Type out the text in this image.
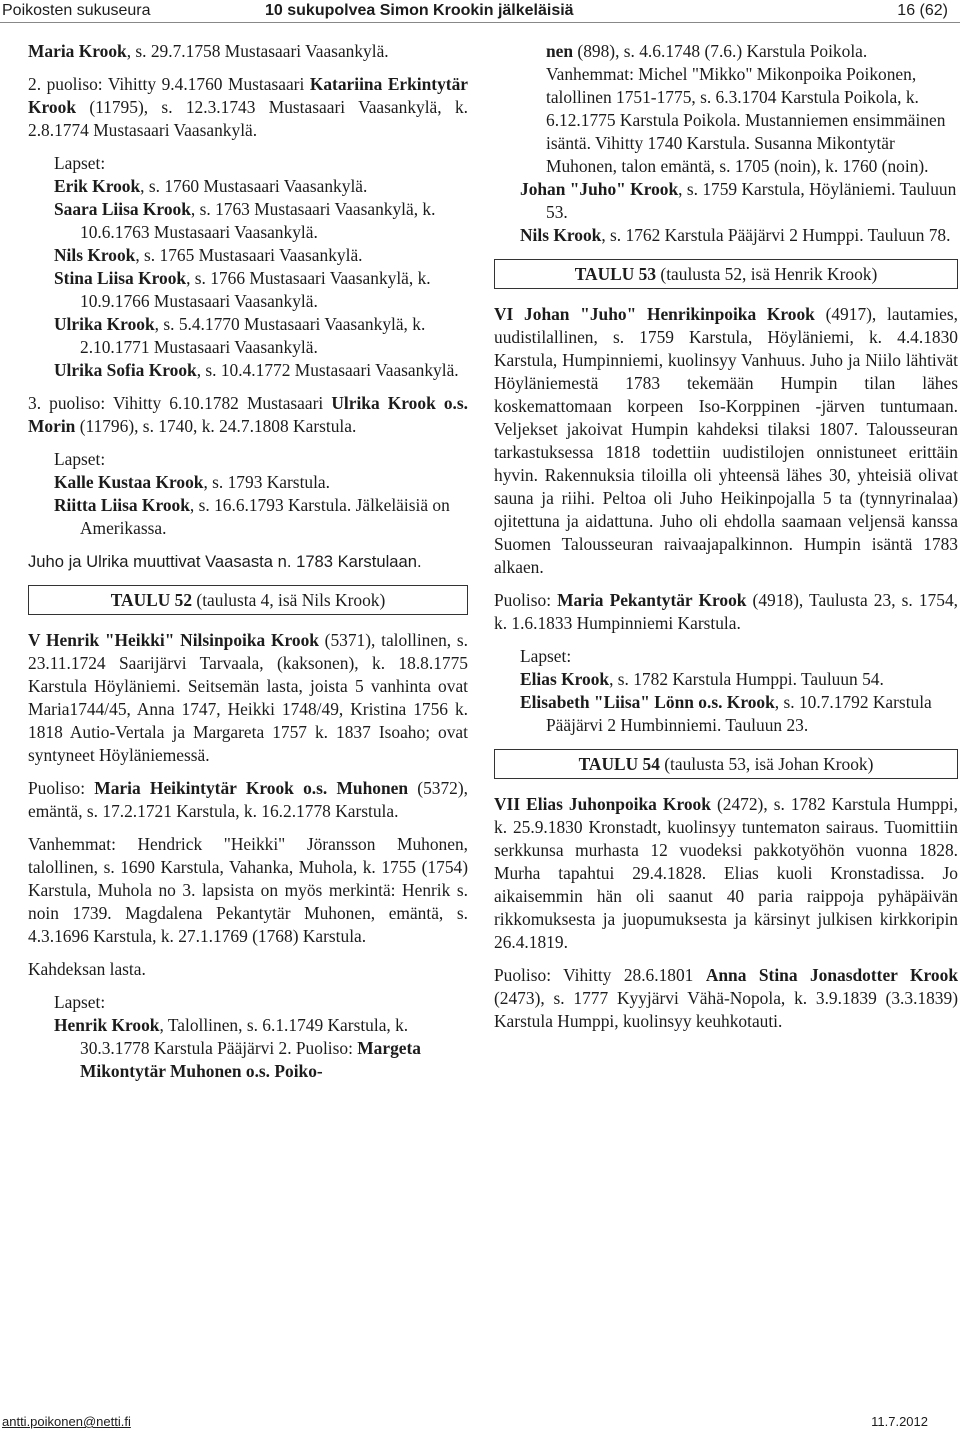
Poikosten sukuseura	10 sukupolvea Simon Krookin jälkeläisiä	16 (62)

Maria Krook, s. 29.7.1758 Mustasaari Vaasankylä.

2. puoliso: Vihitty 9.4.1760 Mustasaari Katariina Erkintytär Krook (11795), s. 12.3.1743 Mustasaari Vaasankylä, k. 2.8.1774 Mustasaari Vaasankylä.

Lapset:

Erik Krook, s. 1760 Mustasaari Vaasankylä.

Saara Liisa Krook, s. 1763 Mustasaari Vaasankylä, k. 10.6.1763 Mustasaari Vaasankylä.

Nils Krook, s. 1765 Mustasaari Vaasankylä.

Stina Liisa Krook, s. 1766 Mustasaari Vaasankylä, k. 10.9.1766 Mustasaari Vaasankylä.

Ulrika Krook, s. 5.4.1770 Mustasaari Vaasankylä, k. 2.10.1771 Mustasaari Vaasankylä.

Ulrika Sofia Krook, s. 10.4.1772 Mustasaari Vaasankylä.

3. puoliso: Vihitty 6.10.1782 Mustasaari Ulrika Krook o.s. Morin (11796), s. 1740, k. 24.7.1808 Karstula.

Lapset:

Kalle Kustaa Krook, s. 1793 Karstula.

Riitta Liisa Krook, s. 16.6.1793 Karstula. Jälkeläisiä on Amerikassa.

Juho ja Ulrika muuttivat Vaasasta n. 1783 Karstulaan.

TAULU 52 (taulusta 4, isä Nils Krook)

V Henrik "Heikki" Nilsinpoika Krook (5371), talollinen, s. 23.11.1724 Saarijärvi Tarvaala, (kaksonen), k. 18.8.1775 Karstula Höyläniemi. Seitsemän lasta, joista 5 vanhinta ovat Maria1744/45, Anna 1747, Heikki 1748/49, Kristina 1756 k. 1818 Autio-Vertala ja Margareta 1757 k. 1837 Isoaho; ovat syntyneet Höyläniemessä.

Puoliso: Maria Heikintytär Krook o.s. Muhonen (5372), emäntä, s. 17.2.1721 Karstula, k. 16.2.1778 Karstula.

Vanhemmat: Hendrick "Heikki" Jöransson Muhonen, talollinen, s. 1690 Karstula, Vahanka, Muhola, k. 1755 (1754) Karstula, Muhola no 3. lapsista on myös merkintä: Henrik s. noin 1739. Magdalena Pekantytär Muhonen, emäntä, s. 4.3.1696 Karstula, k. 27.1.1769 (1768) Karstula.

Kahdeksan lasta.

Lapset:

Henrik Krook, Talollinen, s. 6.1.1749 Karstula, k. 30.3.1778 Karstula Pääjärvi 2. Puoliso: Margeta Mikontytär Muhonen o.s. Poiko-

nen (898), s. 4.6.1748 (7.6.) Karstula Poikola. Vanhemmat: Michel "Mikko" Mikonpoika Poikonen, talollinen 1751-1775, s. 6.3.1704 Karstula Poikola, k. 6.12.1775 Karstula Poikola. Mustanniemen ensimmäinen isäntä. Vihitty 1740 Karstula. Susanna Mikontytär Muhonen, talon emäntä, s. 1705 (noin), k. 1760 (noin).

Johan "Juho" Krook, s. 1759 Karstula, Höyläniemi. Tauluun 53.

Nils Krook, s. 1762 Karstula Pääjärvi 2 Humppi. Tauluun 78.

TAULU 53 (taulusta 52, isä Henrik Krook)

VI Johan "Juho" Henrikinpoika Krook (4917), lautamies, uudistilallinen, s. 1759 Karstula, Höyläniemi, k. 4.4.1830 Karstula, Humpinniemi, kuolinsyy Vanhuus. Juho ja Niilo lähtivät Höyläniemestä 1783 tekemään Humpin tilan lähes koskemattomaan korpeen Iso-Korppinen -järven tuntumaan. Veljekset jakoivat Humpin kahdeksi tilaksi 1807. Talousseuran tarkastuksessa 1818 todettiin uudistilojen onnistuneet erittäin hyvin. Rakennuksia tiloilla oli yhteensä lähes 30, yhteisiä olivat sauna ja riihi. Peltoa oli Juho Heikinpojalla 5 ta (tynnyrinalaa) ojitettuna ja aidattuna. Juho oli ehdolla saamaan veljensä kanssa Suomen Talousseuran raivaajapalkinnon. Humpin isäntä 1783 alkaen.

Puoliso: Maria Pekantytär Krook (4918), Taulusta 23, s. 1754, k. 1.6.1833 Humpinniemi Karstula.

Lapset:

Elias Krook, s. 1782 Karstula Humppi. Tauluun 54.

Elisabeth "Liisa" Lönn o.s. Krook, s. 10.7.1792 Karstula Pääjärvi 2 Humbinniemi. Tauluun 23.

TAULU 54 (taulusta 53, isä Johan Krook)

VII Elias Juhonpoika Krook (2472), s. 1782 Karstula Humppi, k. 25.9.1830 Kronstadt, kuolinsyy tuntematon sairaus. Tuomittiin serkkunsa murhasta 12 vuodeksi pakkotyöhön vuonna 1828. Murha tapahtui 29.4.1828. Elias kuoli Kronstadissa. Jo aikaisemmin hän oli saanut 40 paria raippoja pyhäpäivän rikkomuksesta ja juopumuksesta ja kärsinyt julkisen kirkkoripin 26.4.1819.

Puoliso: Vihitty 28.6.1801 Anna Stina Jonasdotter Krook (2473), s. 1777 Kyyjärvi Vähä-Nopola, k. 3.9.1839 (3.3.1839) Karstula Humppi, kuolinsyy keuhkotauti.

antti.poikonen@netti.fi	11.7.2012
